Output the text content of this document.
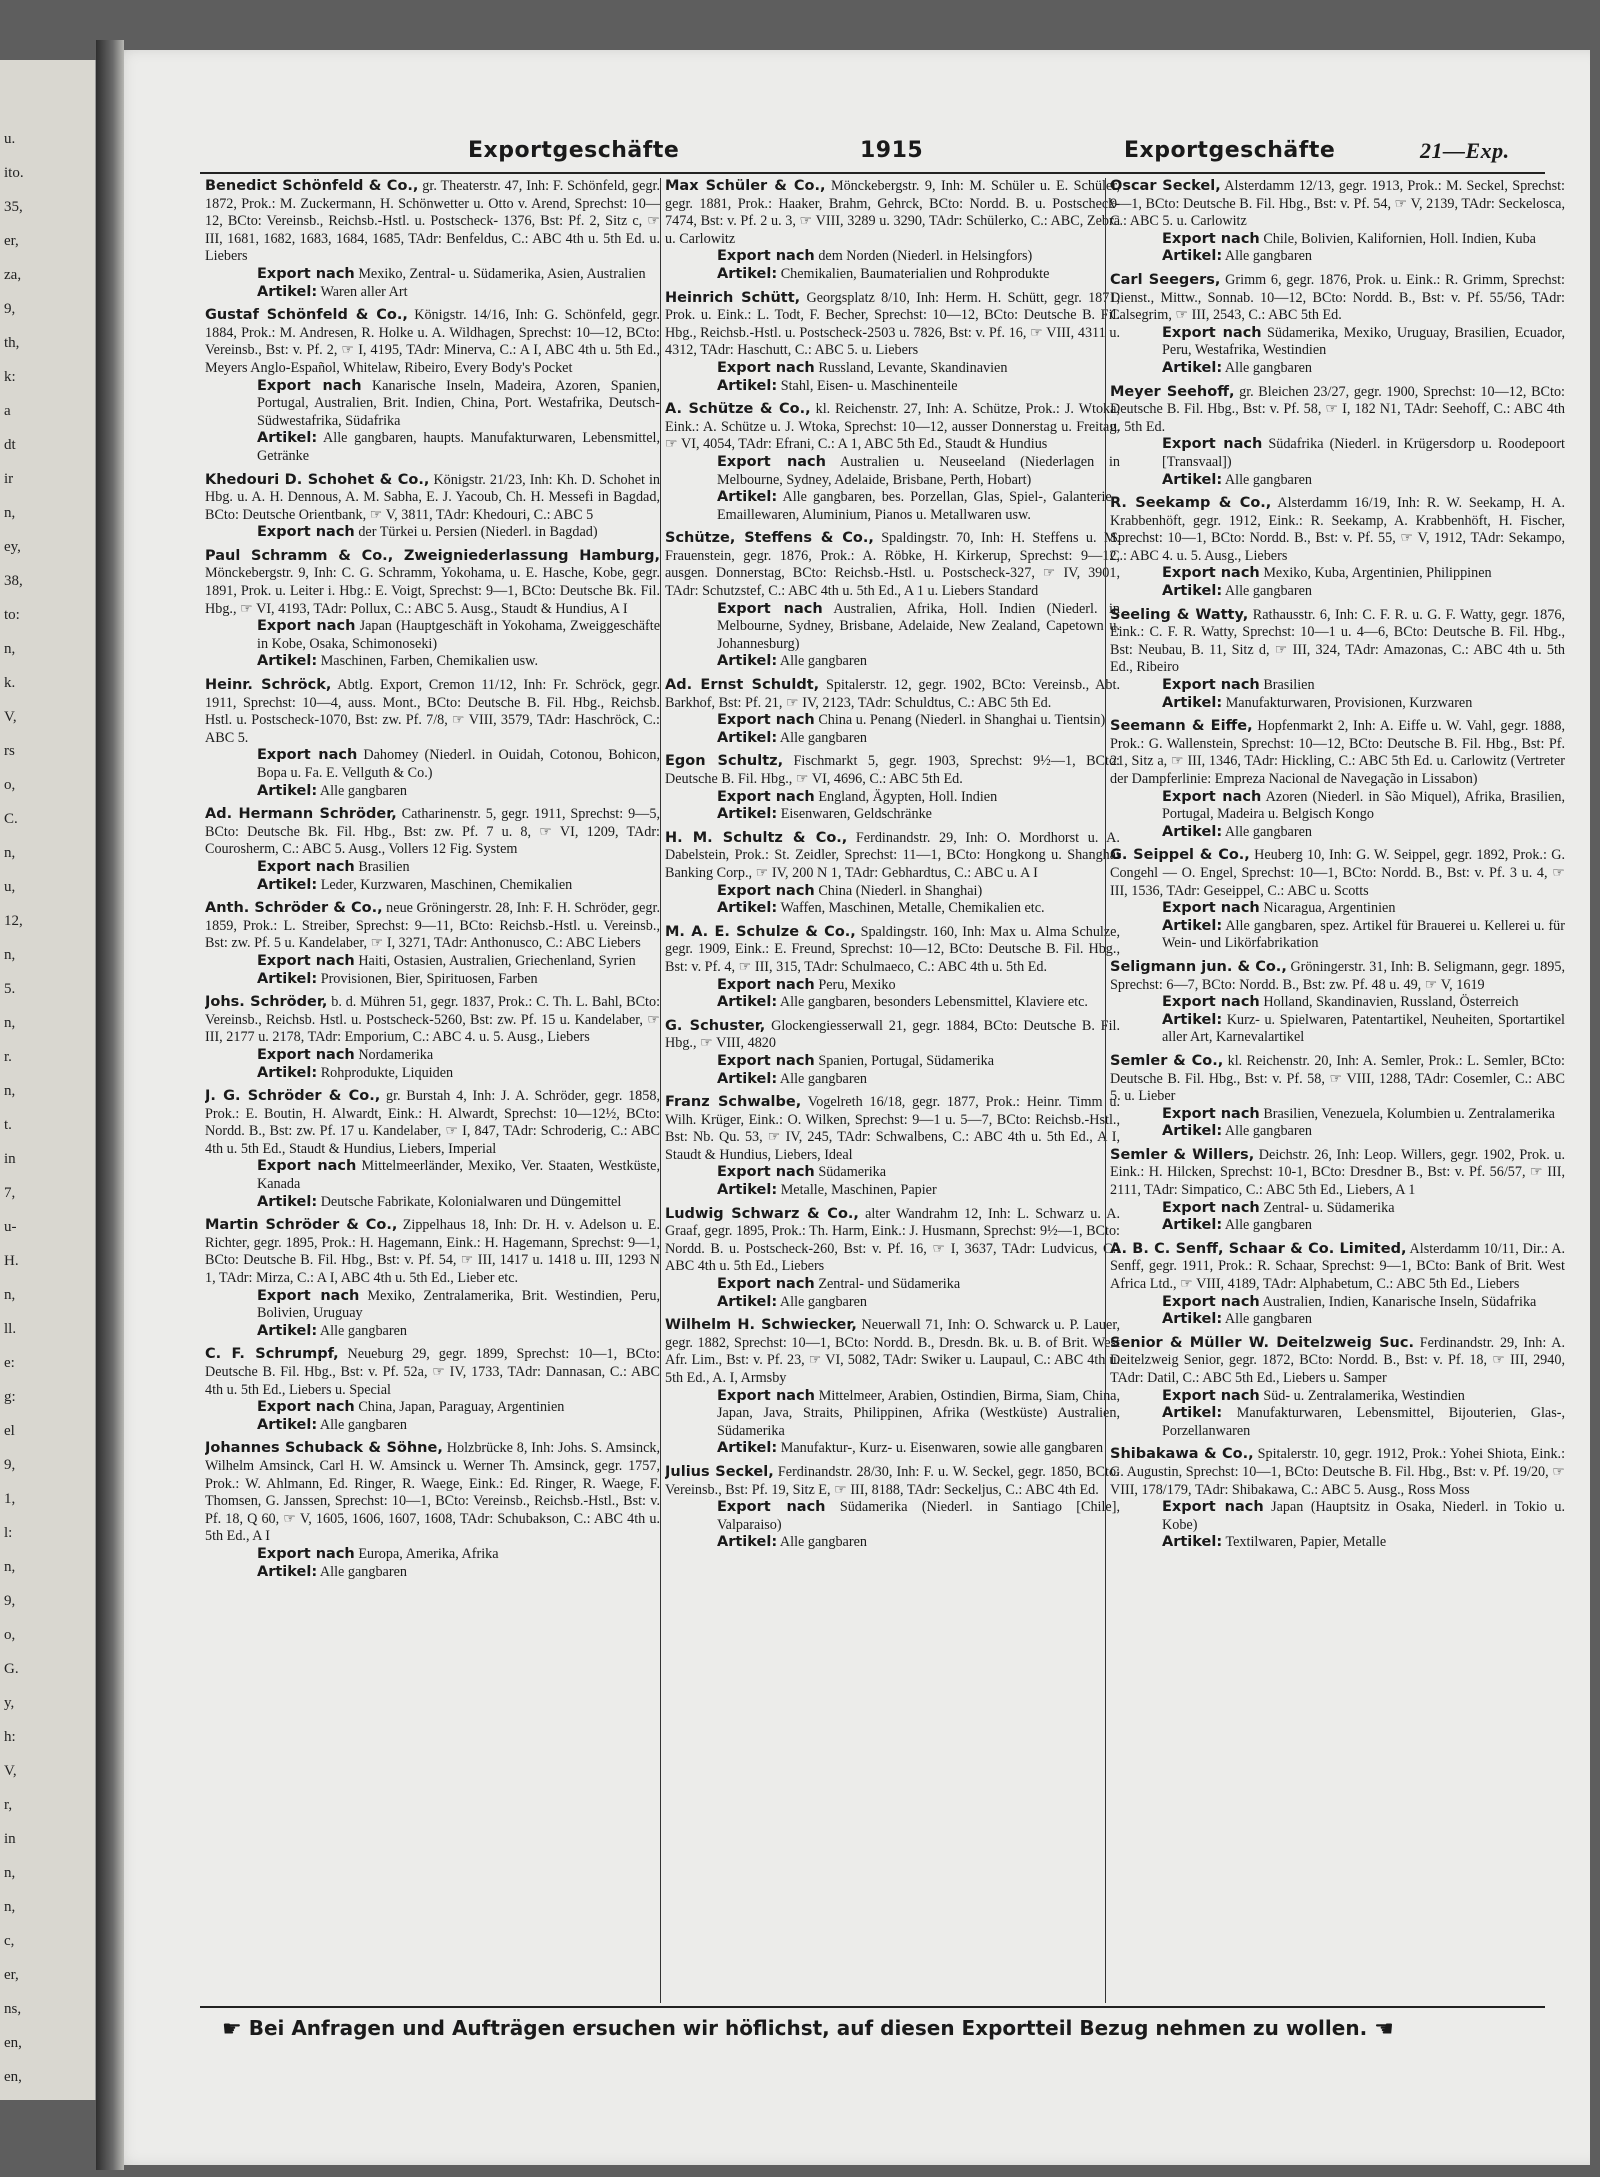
u.
ito.
35,
er,
za,
9,
th,
k:
a
dt
ir
n,
ey,
38,
to:
n,
k.
V,
rs
o,
C.
n,
u,
12,
n,
5.
n,
r.
n,
t.
in
7,
u-
H.
n,
ll.
e:
g:
el
9,
1,
l:
n,
9,
o,
G.
y,
h:
V,
r,
in
n,
n,
c,
er,
ns,
en,
en,
Exportgeschäfte	1915	Exportgeschäfte	21—Exp.
Benedict Schönfeld & Co., gr. Theaterstr. 47, Inh: F. Schönfeld, gegr. 1872, Prok.: M. Zuckermann, H. Schönwetter u. Otto v. Arend, Sprechst: 10—12, BCto: Vereinsb., Reichsb.-Hstl. u. Postscheck- 1376, Bst: Pf. 2, Sitz c, ☞ III, 1681, 1682, 1683, 1684, 1685, TAdr: Benfeldus, C.: ABC 4th u. 5th Ed. u. Liebers
Export nach Mexiko, Zentral- u. Südamerika, Asien, Australien
Artikel: Waren aller Art
Gustaf Schönfeld & Co., Königstr. 14/16, Inh: G. Schönfeld, gegr. 1884, Prok.: M. Andresen, R. Holke u. A. Wildhagen, Sprechst: 10—12, BCto: Vereinsb., Bst: v. Pf. 2, ☞ I, 4195, TAdr: Minerva, C.: A I, ABC 4th u. 5th Ed., Meyers Anglo-Español, Whitelaw, Ribeiro, Every Body's Pocket
Export nach Kanarische Inseln, Madeira, Azoren, Spanien, Portugal, Australien, Brit. Indien, China, Port. Westafrika, Deutsch-Südwestafrika, Südafrika
Artikel: Alle gangbaren, haupts. Manufakturwaren, Lebensmittel, Getränke
Khedouri D. Schohet & Co., Königstr. 21/23, Inh: Kh. D. Schohet in Hbg. u. A. H. Dennous, A. M. Sabha, E. J. Yacoub, Ch. H. Messefi in Bagdad, BCto: Deutsche Orientbank, ☞ V, 3811, TAdr: Khedouri, C.: ABC 5
Export nach der Türkei u. Persien (Niederl. in Bagdad)
Paul Schramm & Co., Zweigniederlassung Hamburg, Mönckebergstr. 9, Inh: C. G. Schramm, Yokohama, u. E. Hasche, Kobe, gegr. 1891, Prok. u. Leiter i. Hbg.: E. Voigt, Sprechst: 9—1, BCto: Deutsche Bk. Fil. Hbg., ☞ VI, 4193, TAdr: Pollux, C.: ABC 5. Ausg., Staudt & Hundius, A I
Export nach Japan (Hauptgeschäft in Yokohama, Zweiggeschäfte in Kobe, Osaka, Schimonoseki)
Artikel: Maschinen, Farben, Chemikalien usw.
Heinr. Schröck, Abtlg. Export, Cremon 11/12, Inh: Fr. Schröck, gegr. 1911, Sprechst: 10—4, auss. Mont., BCto: Deutsche B. Fil. Hbg., Reichsb. Hstl. u. Postscheck-1070, Bst: zw. Pf. 7/8, ☞ VIII, 3579, TAdr: Haschröck, C.: ABC 5.
Export nach Dahomey (Niederl. in Ouidah, Cotonou, Bohicon, Bopa u. Fa. E. Vellguth & Co.)
Artikel: Alle gangbaren
Ad. Hermann Schröder, Catharinenstr. 5, gegr. 1911, Sprechst: 9—5, BCto: Deutsche Bk. Fil. Hbg., Bst: zw. Pf. 7 u. 8, ☞ VI, 1209, TAdr: Courosherm, C.: ABC 5. Ausg., Vollers 12 Fig. System
Export nach Brasilien
Artikel: Leder, Kurzwaren, Maschinen, Chemikalien
Anth. Schröder & Co., neue Gröningerstr. 28, Inh: F. H. Schröder, gegr. 1859, Prok.: L. Streiber, Sprechst: 9—11, BCto: Reichsb.-Hstl. u. Vereinsb., Bst: zw. Pf. 5 u. Kandelaber, ☞ I, 3271, TAdr: Anthonusco, C.: ABC Liebers
Export nach Haiti, Ostasien, Australien, Griechenland, Syrien
Artikel: Provisionen, Bier, Spirituosen, Farben
Johs. Schröder, b. d. Mühren 51, gegr. 1837, Prok.: C. Th. L. Bahl, BCto: Vereinsb., Reichsb. Hstl. u. Postscheck-5260, Bst: zw. Pf. 15 u. Kandelaber, ☞ III, 2177 u. 2178, TAdr: Emporium, C.: ABC 4. u. 5. Ausg., Liebers
Export nach Nordamerika
Artikel: Rohprodukte, Liquiden
J. G. Schröder & Co., gr. Burstah 4, Inh: J. A. Schröder, gegr. 1858, Prok.: E. Boutin, H. Alwardt, Eink.: H. Alwardt, Sprechst: 10—12½, BCto: Nordd. B., Bst: zw. Pf. 17 u. Kandelaber, ☞ I, 847, TAdr: Schroderig, C.: ABC 4th u. 5th Ed., Staudt & Hundius, Liebers, Imperial
Export nach Mittelmeerländer, Mexiko, Ver. Staaten, Westküste, Kanada
Artikel: Deutsche Fabrikate, Kolonialwaren und Düngemittel
Martin Schröder & Co., Zippelhaus 18, Inh: Dr. H. v. Adelson u. E. Richter, gegr. 1895, Prok.: H. Hagemann, Eink.: H. Hagemann, Sprechst: 9—1, BCto: Deutsche B. Fil. Hbg., Bst: v. Pf. 54, ☞ III, 1417 u. 1418 u. III, 1293 N 1, TAdr: Mirza, C.: A I, ABC 4th u. 5th Ed., Lieber etc.
Export nach Mexiko, Zentralamerika, Brit. Westindien, Peru, Bolivien, Uruguay
Artikel: Alle gangbaren
C. F. Schrumpf, Neueburg 29, gegr. 1899, Sprechst: 10—1, BCto: Deutsche B. Fil. Hbg., Bst: v. Pf. 52a, ☞ IV, 1733, TAdr: Dannasan, C.: ABC 4th u. 5th Ed., Liebers u. Special
Export nach China, Japan, Paraguay, Argentinien
Artikel: Alle gangbaren
Johannes Schuback & Söhne, Holzbrücke 8, Inh: Johs. S. Amsinck, Wilhelm Amsinck, Carl H. W. Amsinck u. Werner Th. Amsinck, gegr. 1757, Prok.: W. Ahlmann, Ed. Ringer, R. Waege, Eink.: Ed. Ringer, R. Waege, F. Thomsen, G. Janssen, Sprechst: 10—1, BCto: Vereinsb., Reichsb.-Hstl., Bst: v. Pf. 18, Q 60, ☞ V, 1605, 1606, 1607, 1608, TAdr: Schubakson, C.: ABC 4th u. 5th Ed., A I
Export nach Europa, Amerika, Afrika
Artikel: Alle gangbaren
Max Schüler & Co., Mönckebergstr. 9, Inh: M. Schüler u. E. Schüler, gegr. 1881, Prok.: Haaker, Brahm, Gehrck, BCto: Nordd. B. u. Postscheck- 7474, Bst: v. Pf. 2 u. 3, ☞ VIII, 3289 u. 3290, TAdr: Schülerko, C.: ABC, Zebra u. Carlowitz
Export nach dem Norden (Niederl. in Helsingfors)
Artikel: Chemikalien, Baumaterialien und Rohprodukte
Heinrich Schütt, Georgsplatz 8/10, Inh: Herm. H. Schütt, gegr. 1871, Prok. u. Eink.: L. Todt, F. Becher, Sprechst: 10—12, BCto: Deutsche B. Fil. Hbg., Reichsb.-Hstl. u. Postscheck-2503 u. 7826, Bst: v. Pf. 16, ☞ VIII, 4311 u. 4312, TAdr: Haschutt, C.: ABC 5. u. Liebers
Export nach Russland, Levante, Skandinavien
Artikel: Stahl, Eisen- u. Maschinenteile
A. Schütze & Co., kl. Reichenstr. 27, Inh: A. Schütze, Prok.: J. Wtoka, Eink.: A. Schütze u. J. Wtoka, Sprechst: 10—12, ausser Donnerstag u. Freitag, ☞ VI, 4054, TAdr: Efrani, C.: A 1, ABC 5th Ed., Staudt & Hundius
Export nach Australien u. Neuseeland (Niederlagen in Melbourne, Sydney, Adelaide, Brisbane, Perth, Hobart)
Artikel: Alle gangbaren, bes. Porzellan, Glas, Spiel-, Galanterie-, Emaillewaren, Aluminium, Pianos u. Metallwaren usw.
Schütze, Steffens & Co., Spaldingstr. 70, Inh: H. Steffens u. M. Frauenstein, gegr. 1876, Prok.: A. Röbke, H. Kirkerup, Sprechst: 9—12, ausgen. Donnerstag, BCto: Reichsb.-Hstl. u. Postscheck-327, ☞ IV, 3901, TAdr: Schutzstef, C.: ABC 4th u. 5th Ed., A 1 u. Liebers Standard
Export nach Australien, Afrika, Holl. Indien (Niederl. in Melbourne, Sydney, Brisbane, Adelaide, New Zealand, Capetown u. Johannesburg)
Artikel: Alle gangbaren
Ad. Ernst Schuldt, Spitalerstr. 12, gegr. 1902, BCto: Vereinsb., Abt. Barkhof, Bst: Pf. 21, ☞ IV, 2123, TAdr: Schuldtus, C.: ABC 5th Ed.
Export nach China u. Penang (Niederl. in Shanghai u. Tientsin)
Artikel: Alle gangbaren
Egon Schultz, Fischmarkt 5, gegr. 1903, Sprechst: 9½—1, BCto: Deutsche B. Fil. Hbg., ☞ VI, 4696, C.: ABC 5th Ed.
Export nach England, Ägypten, Holl. Indien
Artikel: Eisenwaren, Geldschränke
H. M. Schultz & Co., Ferdinandstr. 29, Inh: O. Mordhorst u. A. Dabelstein, Prok.: St. Zeidler, Sprechst: 11—1, BCto: Hongkong u. Shanghai Banking Corp., ☞ IV, 200 N 1, TAdr: Gebhardtus, C.: ABC u. A I
Export nach China (Niederl. in Shanghai)
Artikel: Waffen, Maschinen, Metalle, Chemikalien etc.
M. A. E. Schulze & Co., Spaldingstr. 160, Inh: Max u. Alma Schulze, gegr. 1909, Eink.: E. Freund, Sprechst: 10—12, BCto: Deutsche B. Fil. Hbg., Bst: v. Pf. 4, ☞ III, 315, TAdr: Schulmaeco, C.: ABC 4th u. 5th Ed.
Export nach Peru, Mexiko
Artikel: Alle gangbaren, besonders Lebensmittel, Klaviere etc.
G. Schuster, Glockengiesserwall 21, gegr. 1884, BCto: Deutsche B. Fil. Hbg., ☞ VIII, 4820
Export nach Spanien, Portugal, Südamerika
Artikel: Alle gangbaren
Franz Schwalbe, Vogelreth 16/18, gegr. 1877, Prok.: Heinr. Timm u. Wilh. Krüger, Eink.: O. Wilken, Sprechst: 9—1 u. 5—7, BCto: Reichsb.-Hstl., Bst: Nb. Qu. 53, ☞ IV, 245, TAdr: Schwalbens, C.: ABC 4th u. 5th Ed., A I, Staudt & Hundius, Liebers, Ideal
Export nach Südamerika
Artikel: Metalle, Maschinen, Papier
Ludwig Schwarz & Co., alter Wandrahm 12, Inh: L. Schwarz u. A. Graaf, gegr. 1895, Prok.: Th. Harm, Eink.: J. Husmann, Sprechst: 9½—1, BCto: Nordd. B. u. Postscheck-260, Bst: v. Pf. 16, ☞ I, 3637, TAdr: Ludvicus, C.: ABC 4th u. 5th Ed., Liebers
Export nach Zentral- und Südamerika
Artikel: Alle gangbaren
Wilhelm H. Schwiecker, Neuerwall 71, Inh: O. Schwarck u. P. Lauer, gegr. 1882, Sprechst: 10—1, BCto: Nordd. B., Dresdn. Bk. u. B. of Brit. West Afr. Lim., Bst: v. Pf. 23, ☞ VI, 5082, TAdr: Swiker u. Laupaul, C.: ABC 4th u. 5th Ed., A. I, Armsby
Export nach Mittelmeer, Arabien, Ostindien, Birma, Siam, China, Japan, Java, Straits, Philippinen, Afrika (Westküste) Australien, Südamerika
Artikel: Manufaktur-, Kurz- u. Eisenwaren, sowie alle gangbaren
Julius Seckel, Ferdinandstr. 28/30, Inh: F. u. W. Seckel, gegr. 1850, BCto: Vereinsb., Bst: Pf. 19, Sitz E, ☞ III, 8188, TAdr: Seckeljus, C.: ABC 4th Ed.
Export nach Südamerika (Niederl. in Santiago [Chile], Valparaiso)
Artikel: Alle gangbaren
Oscar Seckel, Alsterdamm 12/13, gegr. 1913, Prok.: M. Seckel, Sprechst: 9—1, BCto: Deutsche B. Fil. Hbg., Bst: v. Pf. 54, ☞ V, 2139, TAdr: Seckelosca, C.: ABC 5. u. Carlowitz
Export nach Chile, Bolivien, Kalifornien, Holl. Indien, Kuba
Artikel: Alle gangbaren
Carl Seegers, Grimm 6, gegr. 1876, Prok. u. Eink.: R. Grimm, Sprechst: Dienst., Mittw., Sonnab. 10—12, BCto: Nordd. B., Bst: v. Pf. 55/56, TAdr: Calsegrim, ☞ III, 2543, C.: ABC 5th Ed.
Export nach Südamerika, Mexiko, Uruguay, Brasilien, Ecuador, Peru, Westafrika, Westindien
Artikel: Alle gangbaren
Meyer Seehoff, gr. Bleichen 23/27, gegr. 1900, Sprechst: 10—12, BCto: Deutsche B. Fil. Hbg., Bst: v. Pf. 58, ☞ I, 182 N1, TAdr: Seehoff, C.: ABC 4th u. 5th Ed.
Export nach Südafrika (Niederl. in Krügersdorp u. Roodepoort [Transvaal])
Artikel: Alle gangbaren
R. Seekamp & Co., Alsterdamm 16/19, Inh: R. W. Seekamp, H. A. Krabbenhöft, gegr. 1912, Eink.: R. Seekamp, A. Krabbenhöft, H. Fischer, Sprechst: 10—1, BCto: Nordd. B., Bst: v. Pf. 55, ☞ V, 1912, TAdr: Sekampo, C.: ABC 4. u. 5. Ausg., Liebers
Export nach Mexiko, Kuba, Argentinien, Philippinen
Artikel: Alle gangbaren
Seeling & Watty, Rathausstr. 6, Inh: C. F. R. u. G. F. Watty, gegr. 1876, Eink.: C. F. R. Watty, Sprechst: 10—1 u. 4—6, BCto: Deutsche B. Fil. Hbg., Bst: Neubau, B. 11, Sitz d, ☞ III, 324, TAdr: Amazonas, C.: ABC 4th u. 5th Ed., Ribeiro
Export nach Brasilien
Artikel: Manufakturwaren, Provisionen, Kurzwaren
Seemann & Eiffe, Hopfenmarkt 2, Inh: A. Eiffe u. W. Vahl, gegr. 1888, Prok.: G. Wallenstein, Sprechst: 10—12, BCto: Deutsche B. Fil. Hbg., Bst: Pf. 21, Sitz a, ☞ III, 1346, TAdr: Hickling, C.: ABC 5th Ed. u. Carlowitz (Vertreter der Dampferlinie: Empreza Nacional de Navegação in Lissabon)
Export nach Azoren (Niederl. in São Miquel), Afrika, Brasilien, Portugal, Madeira u. Belgisch Kongo
Artikel: Alle gangbaren
G. Seippel & Co., Heuberg 10, Inh: G. W. Seippel, gegr. 1892, Prok.: G. Congehl — O. Engel, Sprechst: 10—1, BCto: Nordd. B., Bst: v. Pf. 3 u. 4, ☞ III, 1536, TAdr: Geseippel, C.: ABC u. Scotts
Export nach Nicaragua, Argentinien
Artikel: Alle gangbaren, spez. Artikel für Brauerei u. Kellerei u. für Wein- und Likörfabrikation
Seligmann jun. & Co., Gröningerstr. 31, Inh: B. Seligmann, gegr. 1895, Sprechst: 6—7, BCto: Nordd. B., Bst: zw. Pf. 48 u. 49, ☞ V, 1619
Export nach Holland, Skandinavien, Russland, Österreich
Artikel: Kurz- u. Spielwaren, Patentartikel, Neuheiten, Sportartikel aller Art, Karnevalartikel
Semler & Co., kl. Reichenstr. 20, Inh: A. Semler, Prok.: L. Semler, BCto: Deutsche B. Fil. Hbg., Bst: v. Pf. 58, ☞ VIII, 1288, TAdr: Cosemler, C.: ABC 5. u. Lieber
Export nach Brasilien, Venezuela, Kolumbien u. Zentralamerika
Artikel: Alle gangbaren
Semler & Willers, Deichstr. 26, Inh: Leop. Willers, gegr. 1902, Prok. u. Eink.: H. Hilcken, Sprechst: 10-1, BCto: Dresdner B., Bst: v. Pf. 56/57, ☞ III, 2111, TAdr: Simpatico, C.: ABC 5th Ed., Liebers, A 1
Export nach Zentral- u. Südamerika
Artikel: Alle gangbaren
A. B. C. Senff, Schaar & Co. Limited, Alsterdamm 10/11, Dir.: A. Senff, gegr. 1911, Prok.: R. Schaar, Sprechst: 9—1, BCto: Bank of Brit. West Africa Ltd., ☞ VIII, 4189, TAdr: Alphabetum, C.: ABC 5th Ed., Liebers
Export nach Australien, Indien, Kanarische Inseln, Südafrika
Artikel: Alle gangbaren
Senior & Müller W. Deitelzweig Suc. Ferdinandstr. 29, Inh: A. Deitelzweig Senior, gegr. 1872, BCto: Nordd. B., Bst: v. Pf. 18, ☞ III, 2940, TAdr: Datil, C.: ABC 5th Ed., Liebers u. Samper
Export nach Süd- u. Zentralamerika, Westindien
Artikel: Manufakturwaren, Lebensmittel, Bijouterien, Glas-, Porzellanwaren
Shibakawa & Co., Spitalerstr. 10, gegr. 1912, Prok.: Yohei Shiota, Eink.: G. Augustin, Sprechst: 10—1, BCto: Deutsche B. Fil. Hbg., Bst: v. Pf. 19/20, ☞ VIII, 178/179, TAdr: Shibakawa, C.: ABC 5. Ausg., Ross Moss
Export nach Japan (Hauptsitz in Osaka, Niederl. in Tokio u. Kobe)
Artikel: Textilwaren, Papier, Metalle
☛ Bei Anfragen und Aufträgen ersuchen wir höflichst, auf diesen Exportteil Bezug nehmen zu wollen. ☚
